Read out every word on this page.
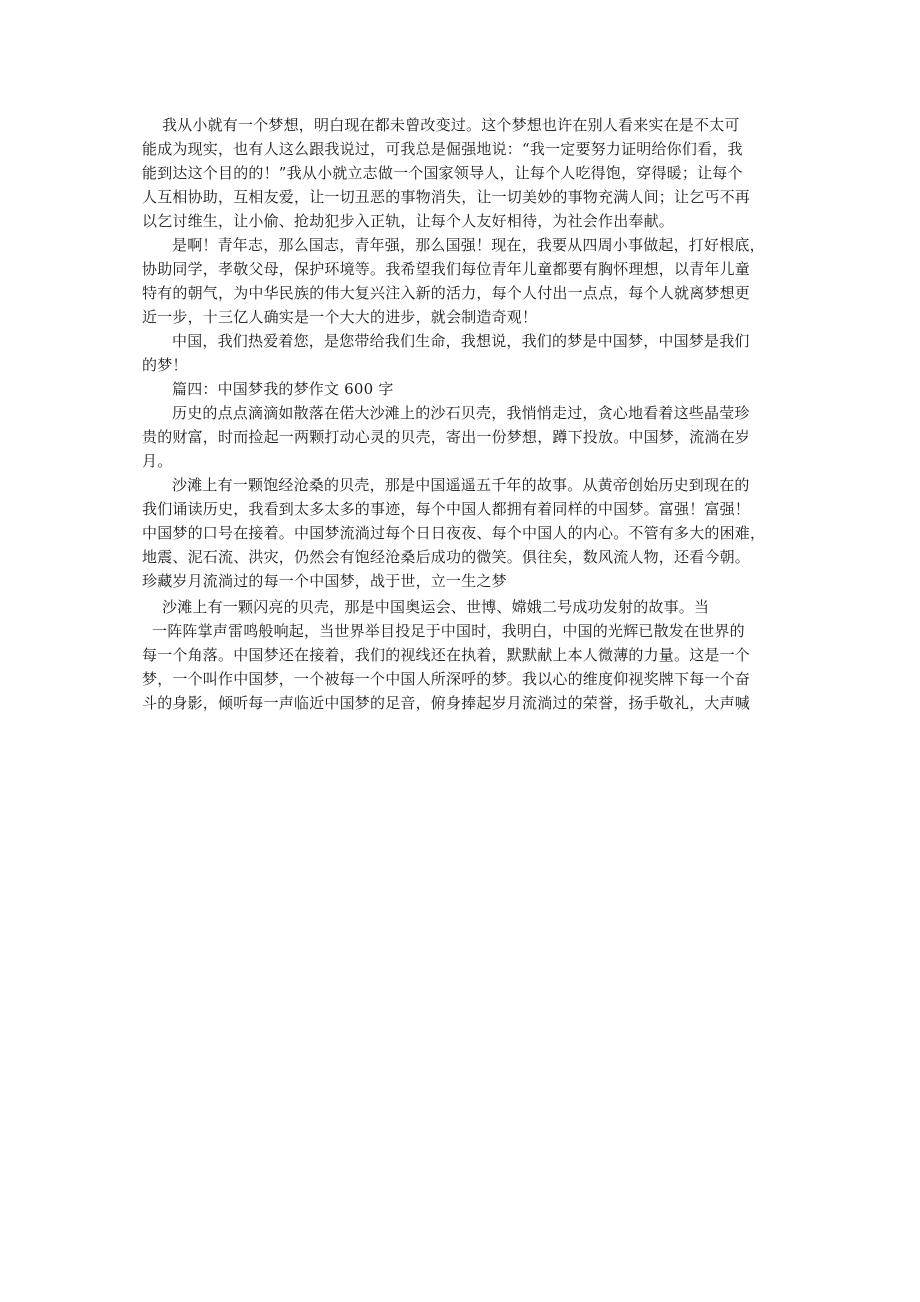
我从小就有一个梦想，明白现在都未曾改变过。这个梦想也许在别人看来实在是不太可
能成为现实，也有人这么跟我说过，可我总是倔强地说：“我一定要努力证明给你们看，我
能到达这个目的的！”我从小就立志做一个国家领导人，让每个人吃得饱，穿得暖；让每个
人互相协助，互相友爱，让一切丑恶的事物消失，让一切美妙的事物充满人间；让乞丐不再
以乞讨维生，让小偷、抢劫犯步入正轨，让每个人友好相待，为社会作出奉献。
是啊！青年志，那么国志，青年强，那么国强！现在，我要从四周小事做起，打好根底，
协助同学，孝敬父母，保护环境等。我希望我们每位青年儿童都要有胸怀理想，以青年儿童
特有的朝气，为中华民族的伟大复兴注入新的活力，每个人付出一点点，每个人就离梦想更
近一步，十三亿人确实是一个大大的进步，就会制造奇观！
中国，我们热爱着您，是您带给我们生命，我想说，我们的梦是中国梦，中国梦是我们
的梦！
篇四：中国梦我的梦作文 600 字
历史的点点滴滴如散落在偌大沙滩上的沙石贝壳，我悄悄走过，贪心地看着这些晶莹珍
贵的财富，时而捡起一两颗打动心灵的贝壳，寄出一份梦想，蹲下投放。中国梦，流淌在岁
月。
沙滩上有一颗饱经沧桑的贝壳，那是中国遥遥五千年的故事。从黄帝创始历史到现在的
我们诵读历史，我看到太多太多的事迹，每个中国人都拥有着同样的中国梦。富强！富强！
中国梦的口号在接着。中国梦流淌过每个日日夜夜、每个中国人的内心。不管有多大的困难，
地震、泥石流、洪灾，仍然会有饱经沧桑后成功的微笑。俱往矣，数风流人物，还看今朝。
珍藏岁月流淌过的每一个中国梦，战于世，立一生之梦
沙滩上有一颗闪亮的贝壳，那是中国奥运会、世博、嫦娥二号成功发射的故事。当
一阵阵掌声雷鸣般响起，当世界举目投足于中国时，我明白，中国的光辉已散发在世界的
每一个角落。中国梦还在接着，我们的视线还在执着，默默献上本人微薄的力量。这是一个
梦，一个叫作中国梦，一个被每一个中国人所深呼的梦。我以心的维度仰视奖牌下每一个奋
斗的身影，倾听每一声临近中国梦的足音，俯身捧起岁月流淌过的荣誉，扬手敬礼，大声喊
